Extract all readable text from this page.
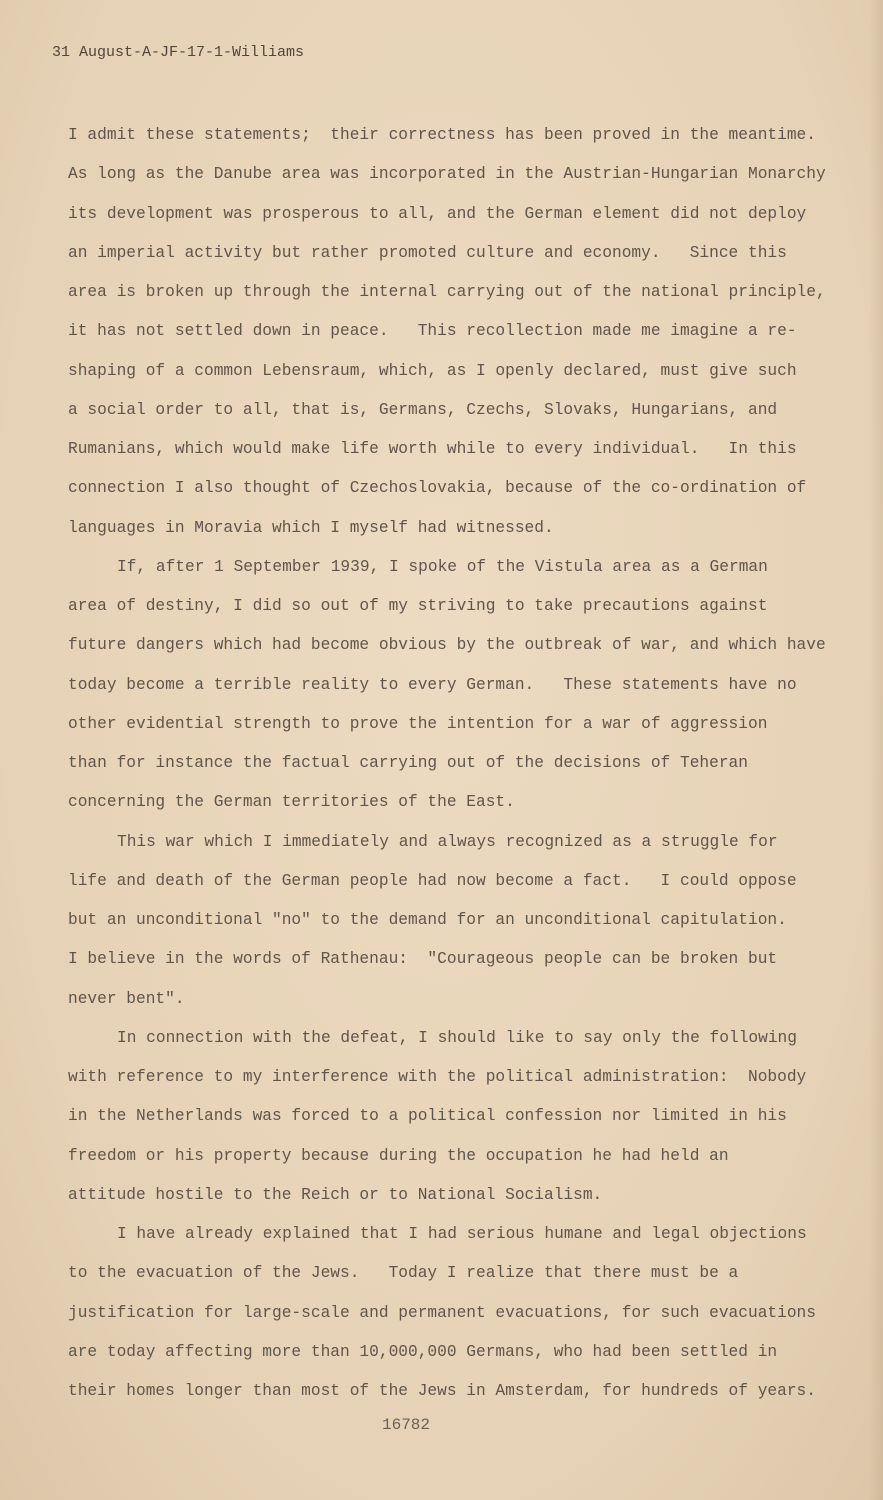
31 August-A-JF-17-1-Williams
I admit these statements;  their correctness has been proved in the meantime.
As long as the Danube area was incorporated in the Austrian-Hungarian Monarchy
its development was prosperous to all, and the German element did not deploy
an imperial activity but rather promoted culture and economy.   Since this
area is broken up through the internal carrying out of the national principle,
it has not settled down in peace.   This recollection made me imagine a re-
shaping of a common Lebensraum, which, as I openly declared, must give such
a social order to all, that is, Germans, Czechs, Slovaks, Hungarians, and
Rumanians, which would make life worth while to every individual.   In this
connection I also thought of Czechoslovakia, because of the co-ordination of
languages in Moravia which I myself had witnessed.
If, after 1 September 1939, I spoke of the Vistula area as a German
area of destiny, I did so out of my striving to take precautions against
future dangers which had become obvious by the outbreak of war, and which have
today become a terrible reality to every German.   These statements have no
other evidential strength to prove the intention for a war of aggression
than for instance the factual carrying out of the decisions of Teheran
concerning the German territories of the East.
This war which I immediately and always recognized as a struggle for
life and death of the German people had now become a fact.   I could oppose
but an unconditional "no" to the demand for an unconditional capitulation.
I believe in the words of Rathenau:  "Courageous people can be broken but
never bent".
In connection with the defeat, I should like to say only the following
with reference to my interference with the political administration:  Nobody
in the Netherlands was forced to a political confession nor limited in his
freedom or his property because during the occupation he had held an
attitude hostile to the Reich or to National Socialism.
I have already explained that I had serious humane and legal objections
to the evacuation of the Jews.   Today I realize that there must be a
justification for large-scale and permanent evacuations, for such evacuations
are today affecting more than 10,000,000 Germans, who had been settled in
their homes longer than most of the Jews in Amsterdam, for hundreds of years.
16782
